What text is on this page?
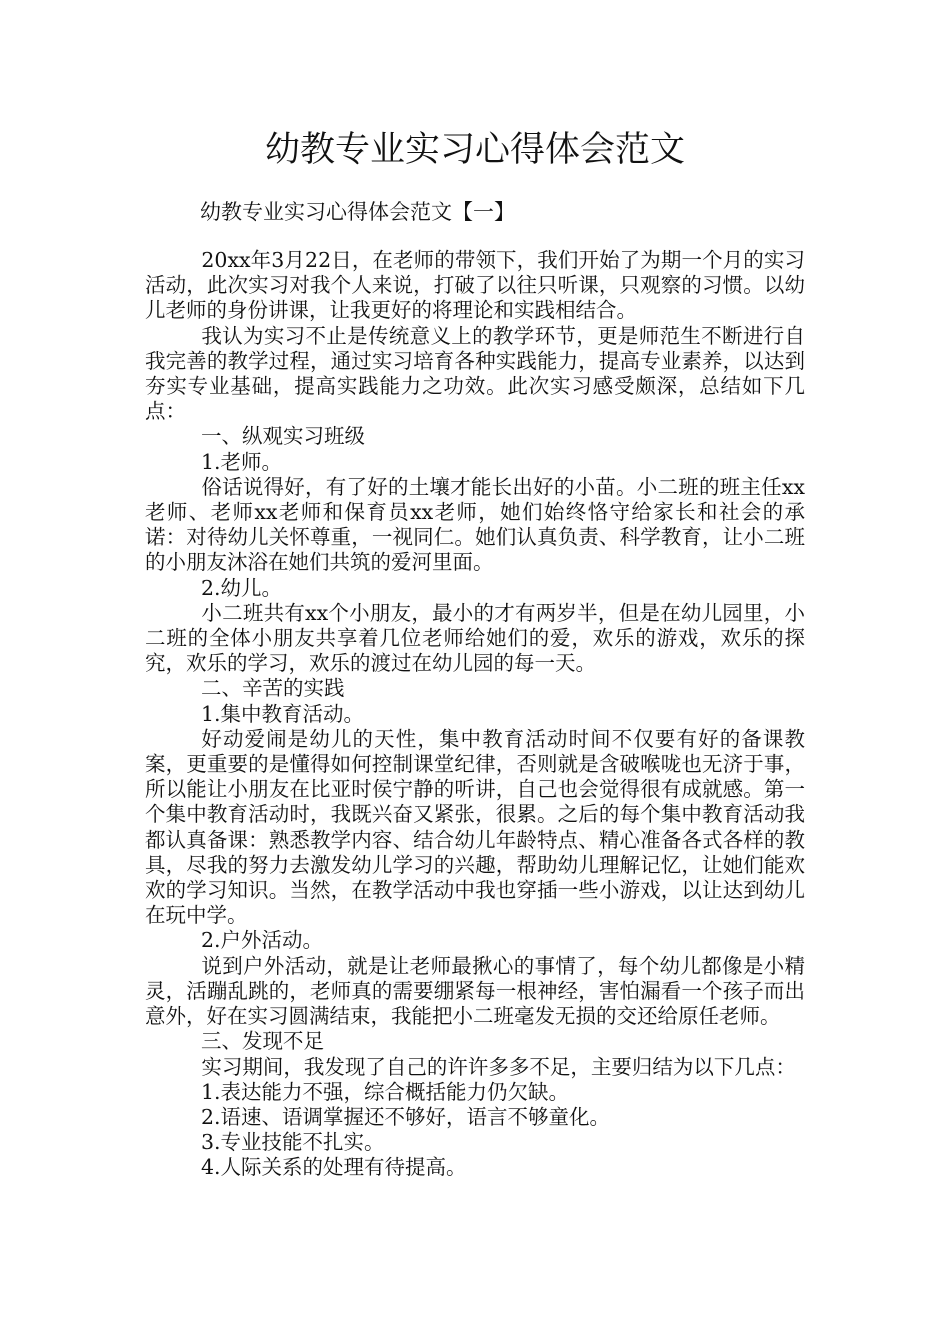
幼教专业实习心得体会范文
幼教专业实习心得体会范文【一】

20xx年3月22日，在老师的带领下，我们开始了为期一个月的实习活动，此次实习对我个人来说，打破了以往只听课，只观察的习惯。以幼儿老师的身份讲课，让我更好的将理论和实践相结合。

我认为实习不止是传统意义上的教学环节，更是师范生不断进行自我完善的教学过程，通过实习培育各种实践能力，提高专业素养，以达到夯实专业基础，提高实践能力之功效。此次实习感受颇深，总结如下几点：

一、纵观实习班级

1.老师。

俗话说得好，有了好的土壤才能长出好的小苗。小二班的班主任xx老师、老师xx老师和保育员xx老师，她们始终恪守给家长和社会的承诺：对待幼儿关怀尊重，一视同仁。她们认真负责、科学教育，让小二班的小朋友沐浴在她们共筑的爱河里面。

2.幼儿。

小二班共有xx个小朋友，最小的才有两岁半，但是在幼儿园里，小二班的全体小朋友共享着几位老师给她们的爱，欢乐的游戏，欢乐的探究，欢乐的学习，欢乐的渡过在幼儿园的每一天。

二、辛苦的实践

1.集中教育活动。

好动爱闹是幼儿的天性，集中教育活动时间不仅要有好的备课教案，更重要的是懂得如何控制课堂纪律，否则就是含破喉咙也无济于事，所以能让小朋友在比亚时侯宁静的听讲，自己也会觉得很有成就感。第一个集中教育活动时，我既兴奋又紧张，很累。之后的每个集中教育活动我都认真备课：熟悉教学内容、结合幼儿年龄特点、精心准备各式各样的教具，尽我的努力去激发幼儿学习的兴趣，帮助幼儿理解记忆，让她们能欢欢的学习知识。当然，在教学活动中我也穿插一些小游戏，以让达到幼儿在玩中学。

2.户外活动。

说到户外活动，就是让老师最揪心的事情了，每个幼儿都像是小精灵，活蹦乱跳的，老师真的需要绷紧每一根神经，害怕漏看一个孩子而出意外，好在实习圆满结束，我能把小二班毫发无损的交还给原任老师。

三、发现不足

实习期间，我发现了自己的许许多多不足，主要归结为以下几点：

1.表达能力不强，综合概括能力仍欠缺。

2.语速、语调掌握还不够好，语言不够童化。

3.专业技能不扎实。

4.人际关系的处理有待提高。
